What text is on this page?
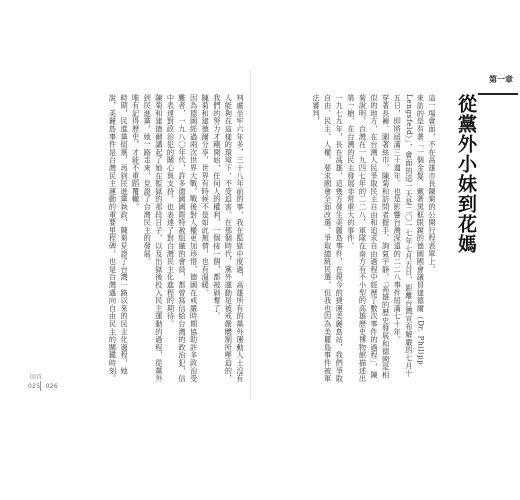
第一章
從黨外小妹到花媽

這一場會面，不在高雄市長陳菊的公開行程表單上。

來訪的是有著「一個金髮、戴著黑框眼鏡的德國國會議員建德爾（Dr. Philipp Lengsfeld）」，會面的這一天是二〇一七年七月五日，距離台灣宣布解嚴的七月十五日，即將屆滿三十週年。也是影響台灣深遠的二二八事件屆滿七十年。

穿著長褲、圍著絲巾，陳菊和訪問者握手、詢氣宇靜，「高雄的歷史發展和德國是相似的地方，在台灣人民爭取民主自由和追求自由過程中經歷了數次事件的過程」，陳菊說明，台灣在一九四七年的二二八，軍隊在南方有不小型的高雄歷史博物館描述出第一槍，在台灣的民主發展非常重大的事件。

一九七九年，長在高雄，這幾方發生美麗島事件，在現今的捷運美麗島站，我們爭取自由、民主、人權，要求國會全面改選，爭取總統民選，但我也因為美麗島事件被軍法審判，

判處坐牢六年多，三十八年前的事，我在監獄中度過，高雄所有的黨外運動人士沒有人能夠在這樣的環境下，不受迫害。在那個時代，黨外運動是被戒嚴體制所壓迫的，我們的努力才剛開始，任何人的權利，一個接一個，都被剝奪了。

陳菊和建德爾分享，世界有時候不是如此無情，也有溫暖。

因為德國經過兩次世界大戰，戰後對人權更加珍惜，德國在戒嚴時期協助許多政治受難者，一九八〇年代，許多德國國際特赦組織的會員，都曾寫信給台灣的政治犯，信中表達對政治犯的關心與支持，也表達了對台灣民主化進程的期待。

陳菊和建德爾講起了她在監獄的那段日子，以及出獄後投入民主運動的過程，從黨外到民進黨，她一路走來，見證了台灣民主的發展。

唯有記得歷史，才能不重蹈覆轍。

時期，民進黨組黨，再到民進黨執政，陳菊見證了台灣一路以來的民主化過程，她說，美麗島事件是台灣民主運動的重要里程碑，也是台灣邁向自由民主的關鍵時刻。

回首
025 026
